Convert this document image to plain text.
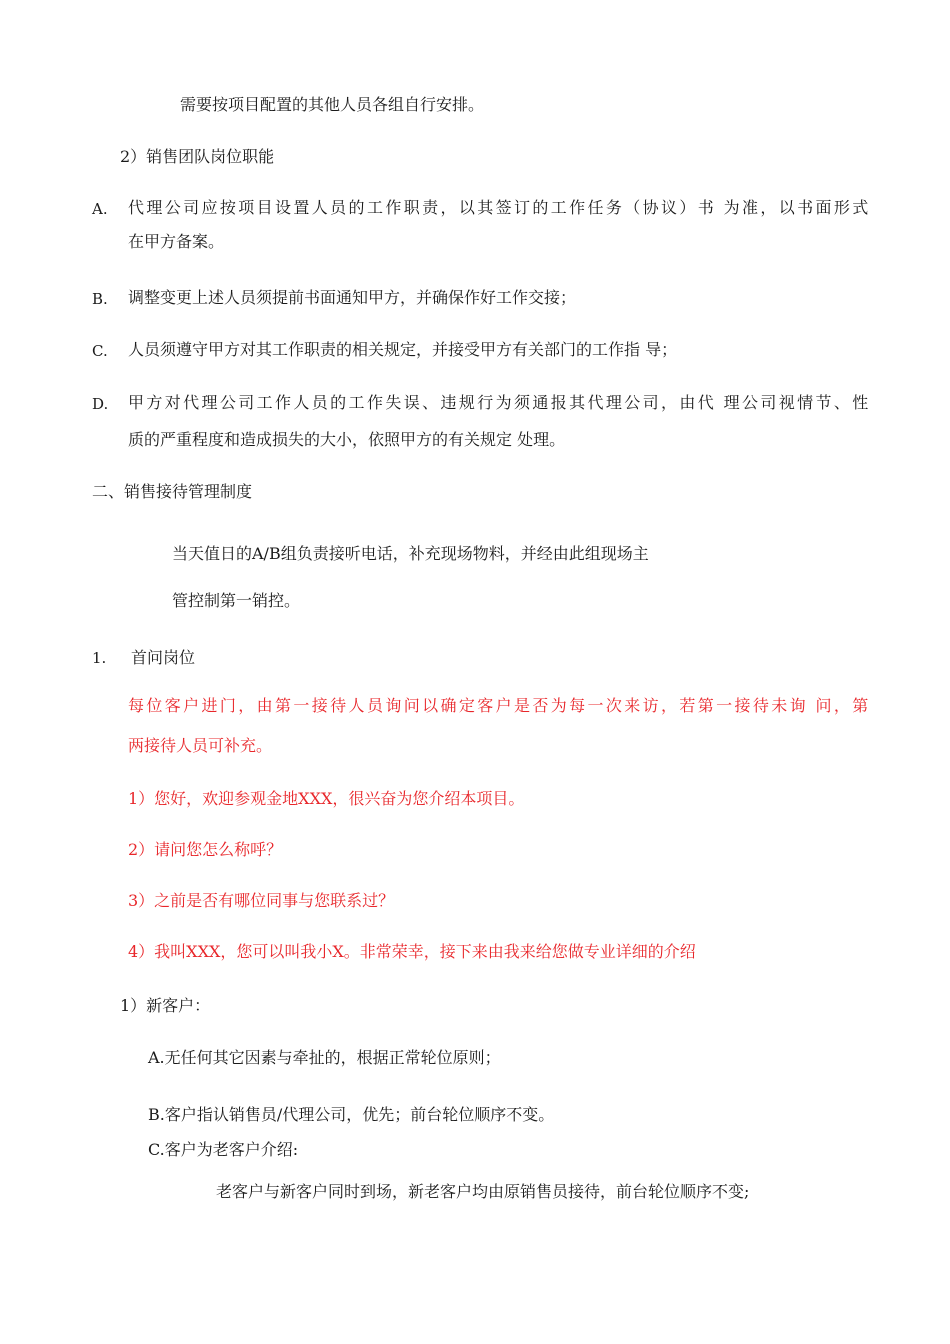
需要按项目配置的其他人员各组自行安排。
2）销售团队岗位职能
A. 代理公司应按项目设置人员的工作职责，以其签订的工作任务（协议）书 为准，以书面形式
在甲方备案。
B. 调整变更上述人员须提前书面通知甲方，并确保作好工作交接；
C. 人员须遵守甲方对其工作职责的相关规定，并接受甲方有关部门的工作指 导；
D. 甲方对代理公司工作人员的工作失误、违规行为须通报其代理公司，由代 理公司视情节、性
质的严重程度和造成损失的大小，依照甲方的有关规定 处理。
二、销售接待管理制度
当天值日的A/B组负责接听电话，补充现场物料，并经由此组现场主
管控制第一销控。
1. 首问岗位
每位客户进门，由第一接待人员询问以确定客户是否为每一次来访，若第一接待未询 问，第
两接待人员可补充。
1）您好，欢迎参观金地XXX，很兴奋为您介绍本项目。
2）请问您怎么称呼？
3）之前是否有哪位同事与您联系过？
4）我叫XXX，您可以叫我小X。非常荣幸，接下来由我来给您做专业详细的介绍
1）新客户：
A.无任何其它因素与牵扯的，根据正常轮位原则；
B.客户指认销售员/代理公司，优先；前台轮位顺序不变。
C.客户为老客户介绍:
老客户与新客户同时到场，新老客户均由原销售员接待，前台轮位顺序不变;
